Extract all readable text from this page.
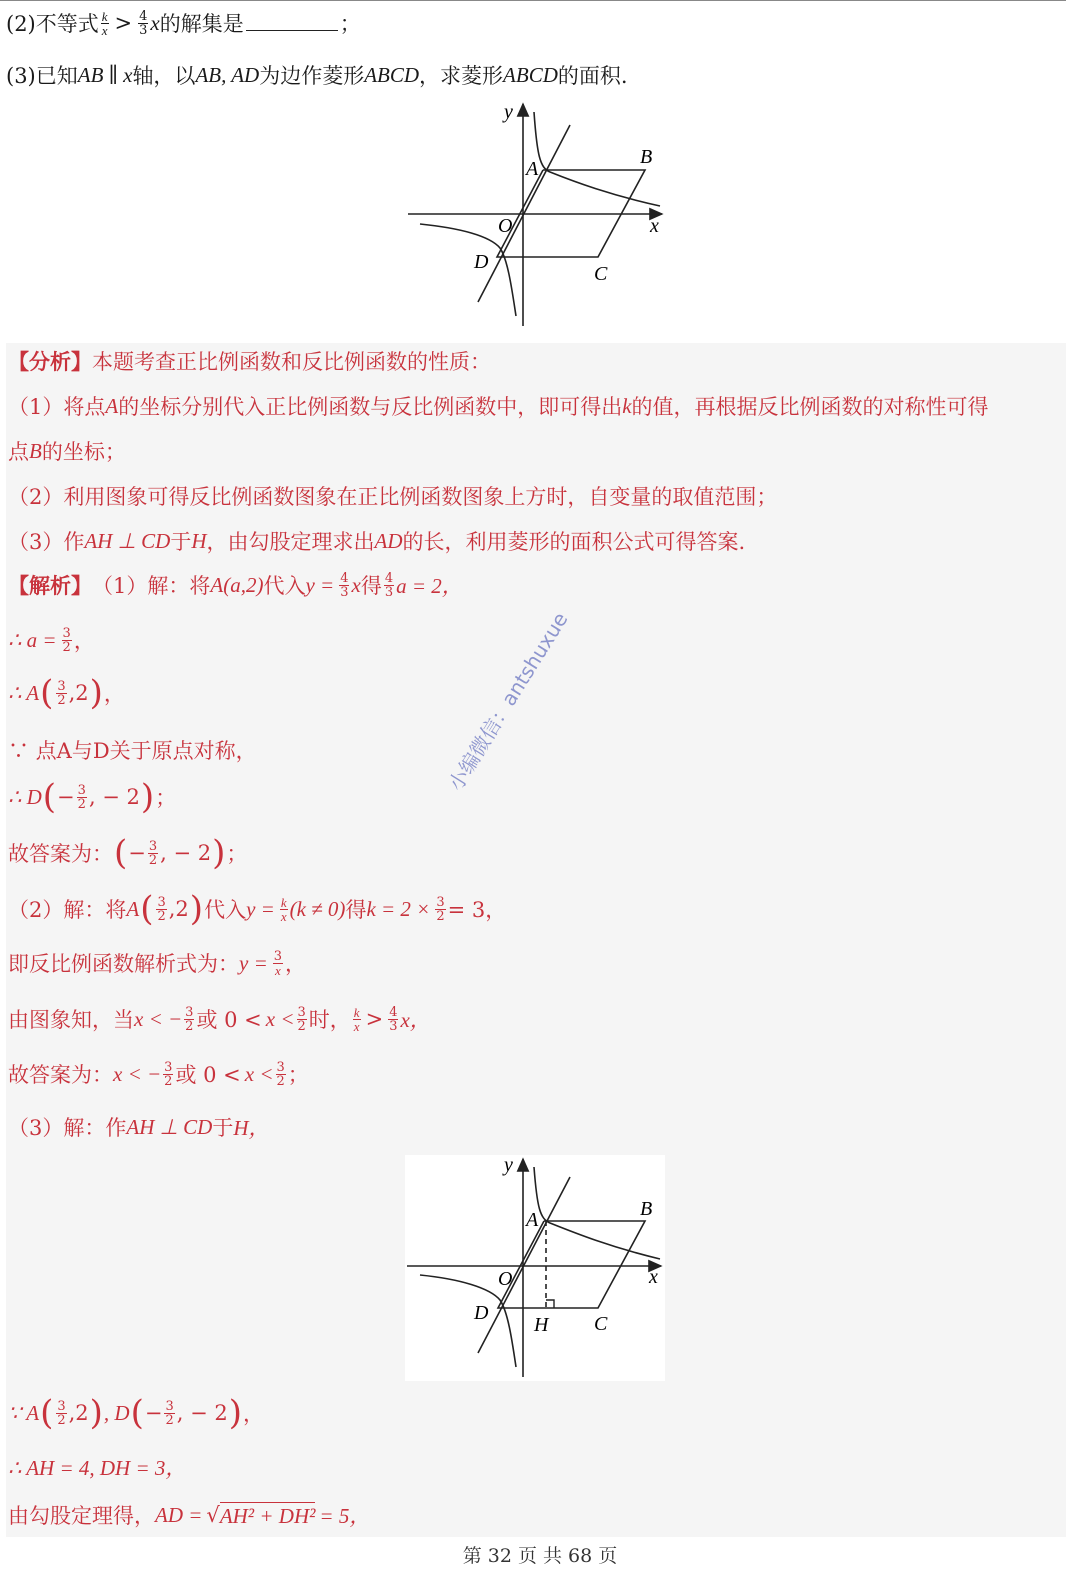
(2)不等式 $\frac{k}{x} > \frac{4}{3}$ x 的解集是	；
(3)已知 AB ∥ x 轴，以 AB, AD 为边作菱形 ABCD ，求菱形 ABCD 的面积.
y
x
O
A
B
C
D
【分析】 本题考查正比例函数和反比例函数的性质：
（1）将点 A 的坐标分别代入正比例函数与反比例函数中，即可得出 k 的值，再根据反比例函数的对称性可得
点 B 的坐标；
（2）利用图象可得反比例函数图象在正比例函数图象上方时，自变量的取值范围；
（3）作 AH ⊥ CD 于 H ，由勾股定理求出 AD 的长，利用菱形的面积公式可得答案.
【解析】 （1）解：将 A(a,2) 代入 $y = \frac{4}{3}$ x 得 $\frac{4}{3}$ a = 2，
∴ $a = \frac{3}{2}$ ，
∴ A ( $\frac{3}{2} ,2$ ) ，
∵ 点A与D关于原点对称，
∴ D ( − $\frac{3}{2}$ , − 2 ) ；
故答案为： ( − $\frac{3}{2}$ , − 2 ) ；
（2）解：将 A ( $\frac{3}{2} ,2$ ) 代入 $y = \frac{k}{x} (k \ne 0)$ 得 $k = 2 \times \frac{3}{2} = 3$，
即反比例函数解析式为： $y = \frac{3}{x}$ ，
由图象知，当 x < − $\frac{3}{2}$ 或 $0 < x < \frac{3}{2}$ 时， $\frac{k}{x} > \frac{4}{3}$ x，
故答案为： x < − $\frac{3}{2}$ 或 $0 < x < \frac{3}{2}$ ；
（3）解：作 AH ⊥ CD 于 H，
y
x
O
A	B
C
D
H
∵ A ( $\frac{3}{2} ,2$ ) , D ( − $\frac{3}{2}$ , − 2 ) ，
∴ AH = 4, DH = 3，
由勾股定理得， AD = √ AH² + DH² = 5，
小编微信：antshuxue
第 32 页 共 68 页
